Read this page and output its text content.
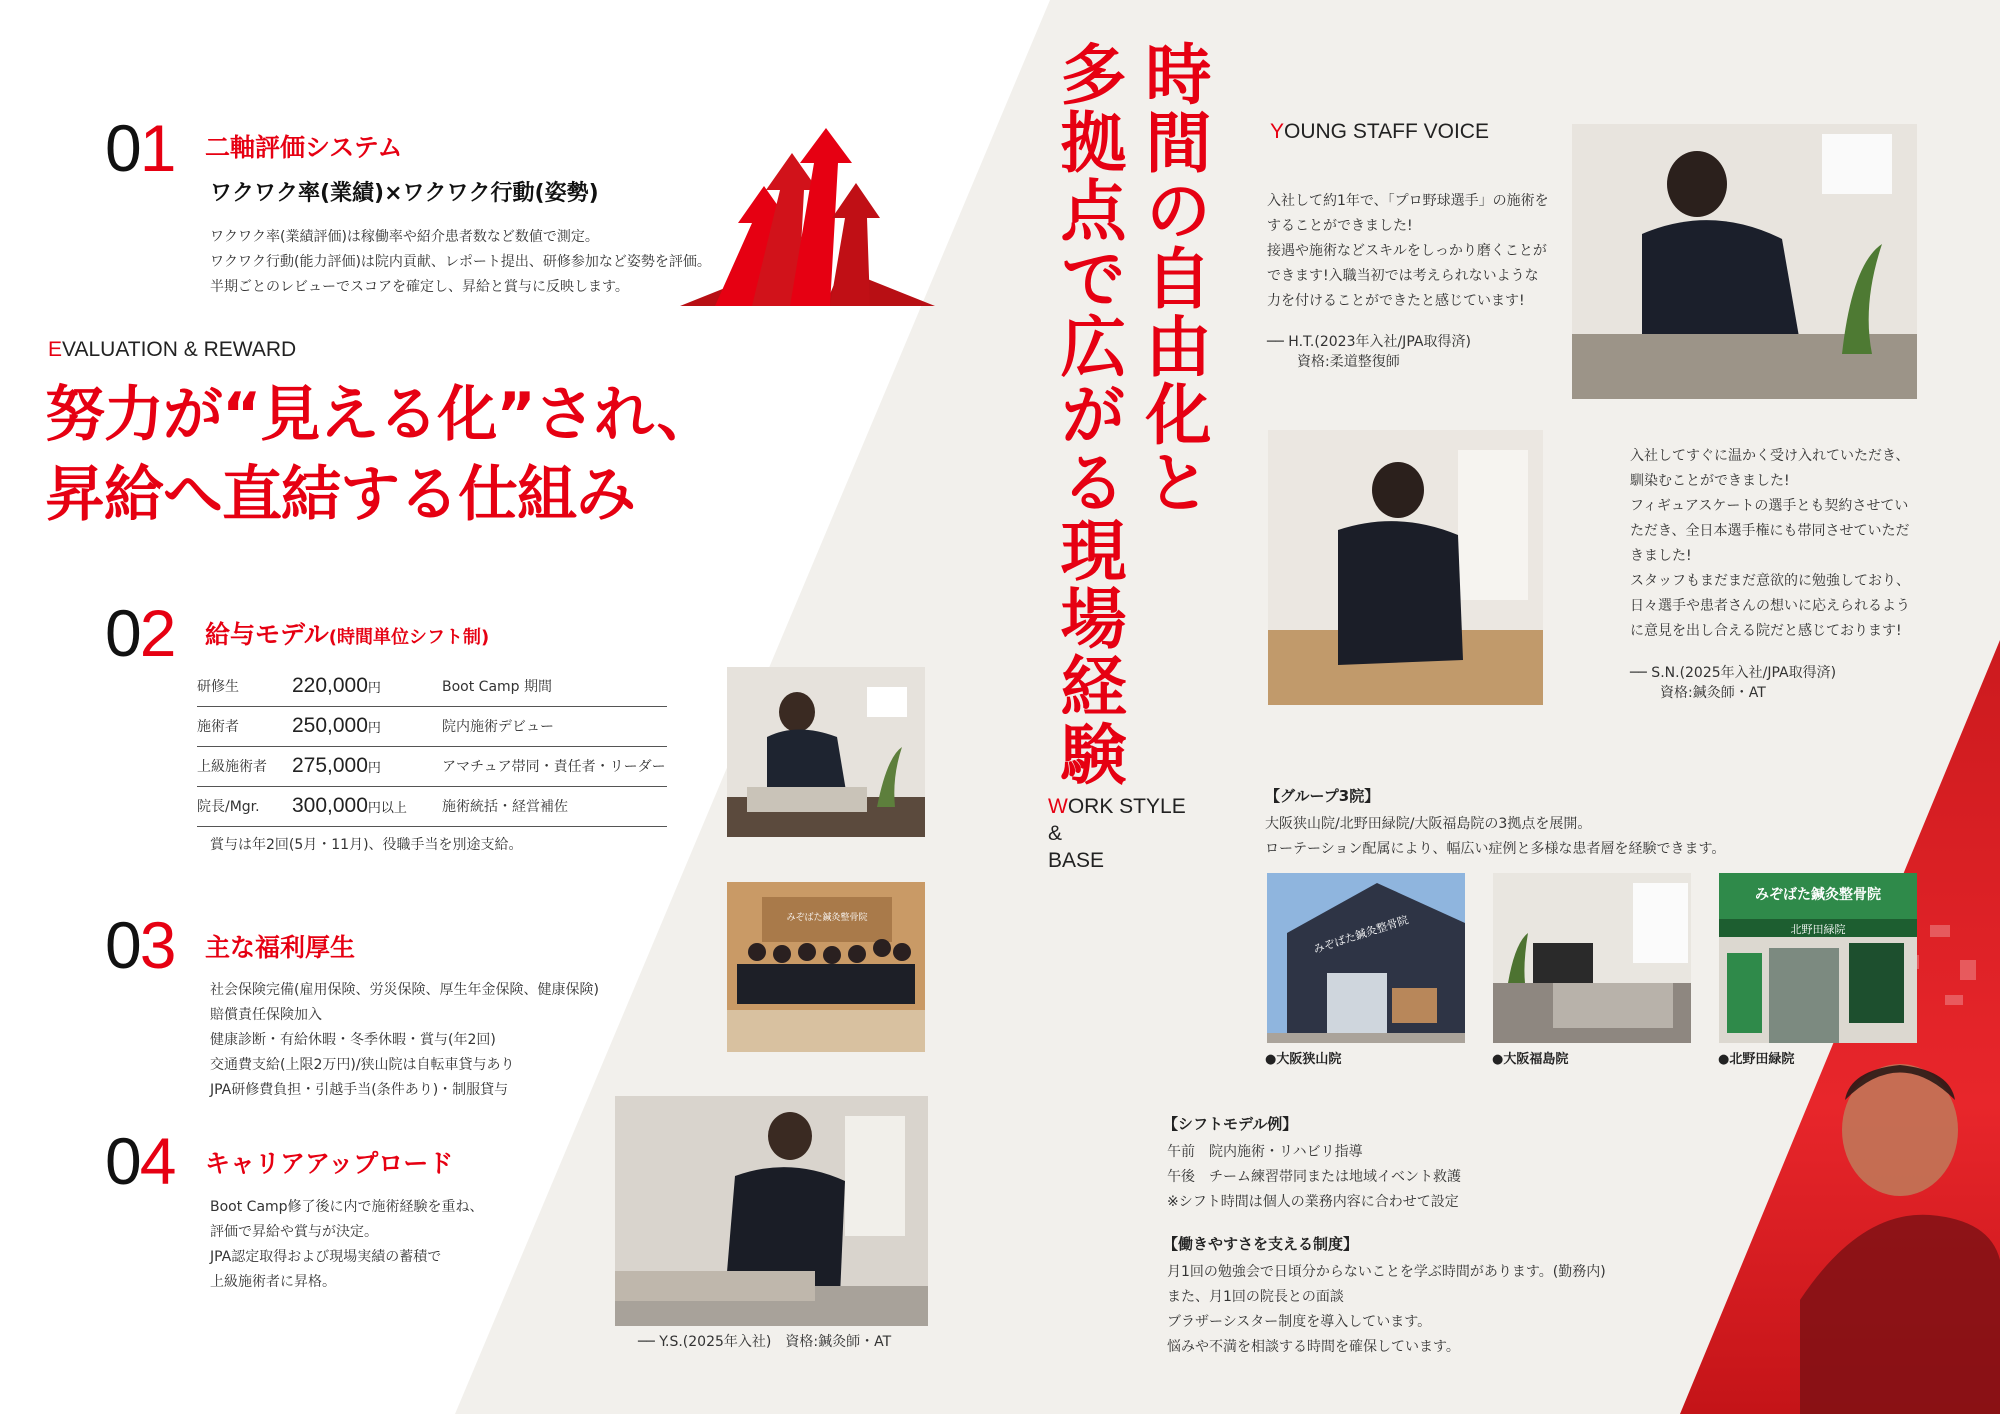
01 二軸評価システム
ワクワク率(業績)×ワクワク行動(姿勢)
ワクワク率(業績評価)は稼働率や紹介患者数など数値で測定。
ワクワク行動(能力評価)は院内貢献、レポート提出、研修参加など姿勢を評価。
半期ごとのレビューでスコアを確定し、昇給と賞与に反映します。
EVALUATION & REWARD
努力が“見える化”され、
昇給へ直結する仕組み
02 給与モデル(時間単位シフト制)
研修生	220,000円	Boot Camp 期間
施術者	250,000円	院内施術デビュー
上級施術者	275,000円	アマチュア帯同・責任者・リーダー
院長/Mgr.	300,000円以上	施術統括・経営補佐
賞与は年2回(5月・11月)、役職手当を別途支給。
03 主な福利厚生
社会保険完備(雇用保険、労災保険、厚生年金保険、健康保険)
賠償責任保険加入
健康診断・有給休暇・冬季休暇・賞与(年2回)
交通費支給(上限2万円)/狭山院は自転車貸与あり
JPA研修費負担・引越手当(条件あり)・制服貸与
04 キャリアアップロード
Boot Camp修了後に内で施術経験を重ね、
評価で昇給や賞与が決定。
JPA認定取得および現場実績の蓄積で
上級施術者に昇格。
みぞばた鍼灸整骨院
── Y.S.(2025年入社)　資格:鍼灸師・AT
時間の自由化と
多拠点で広がる現場経験
WORK STYLE
&
BASE
YOUNG STAFF VOICE
入社して約1年で、「プロ野球選手」の施術を
することができました!
接遇や施術などスキルをしっかり磨くことが
できます!入職当初では考えられないような
力を付けることができたと感じています!
── H.T.(2023年入社/JPA取得済)
資格:柔道整復師
入社してすぐに温かく受け入れていただき、
馴染むことができました!
フィギュアスケートの選手とも契約させてい
ただき、全日本選手権にも帯同させていただ
きました!
スタッフもまだまだ意欲的に勉強しており、
日々選手や患者さんの想いに応えられるよう
に意見を出し合える院だと感じております!
── S.N.(2025年入社/JPA取得済)
資格:鍼灸師・AT
【グループ3院】
大阪狭山院/北野田緑院/大阪福島院の3拠点を展開。
ローテーション配属により、幅広い症例と多様な患者層を経験できます。
みぞばた鍼灸整骨院
みぞばた鍼灸整骨院
北野田緑院
●大阪狭山院	●大阪福島院	●北野田緑院
【シフトモデル例】
午前　院内施術・リハビリ指導
午後　チーム練習帯同または地域イベント救護
※シフト時間は個人の業務内容に合わせて設定
【働きやすさを支える制度】
月1回の勉強会で日頃分からないことを学ぶ時間があります。(勤務内)
また、月1回の院長との面談
ブラザーシスター制度を導入しています。
悩みや不満を相談する時間を確保しています。
